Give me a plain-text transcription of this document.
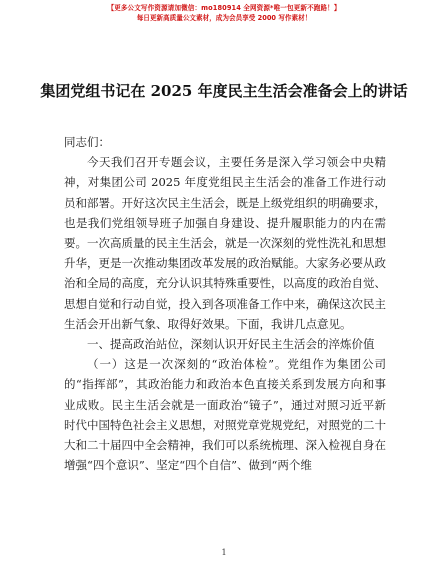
【更多公文写作资源请加微信：mo180914 全网资源*唯一包更新不跑路！】
每日更新高质量公文素材，成为会员享受 2000 写作素材！
集团党组书记在 2025 年度民主生活会准备会上的讲话

同志们：

今天我们召开专题会议，主要任务是深入学习领会中央精神，对集团公司 2025 年度党组民主生活会的准备工作进行动员和部署。开好这次民主生活会，既是上级党组织的明确要求，也是我们党组领导班子加强自身建设、提升履职能力的内在需要。一次高质量的民主生活会，就是一次深刻的党性洗礼和思想升华，更是一次推动集团改革发展的政治赋能。大家务必要从政治和全局的高度，充分认识其特殊重要性，以高度的政治自觉、思想自觉和行动自觉，投入到各项准备工作中来，确保这次民主生活会开出新气象、取得好效果。下面，我讲几点意见。

一、提高政治站位，深刻认识开好民主生活会的淬炼价值

（一）这是一次深刻的“政治体检”。党组作为集团公司的“指挥部”，其政治能力和政治本色直接关系到发展方向和事业成败。民主生活会就是一面政治“镜子”，通过对照习近平新时代中国特色社会主义思想，对照党章党规党纪，对照党的二十大和二十届四中全会精神，我们可以系统梳理、深入检视自身在增强“四个意识”、坚定“四个自信”、做到“两个维

1
